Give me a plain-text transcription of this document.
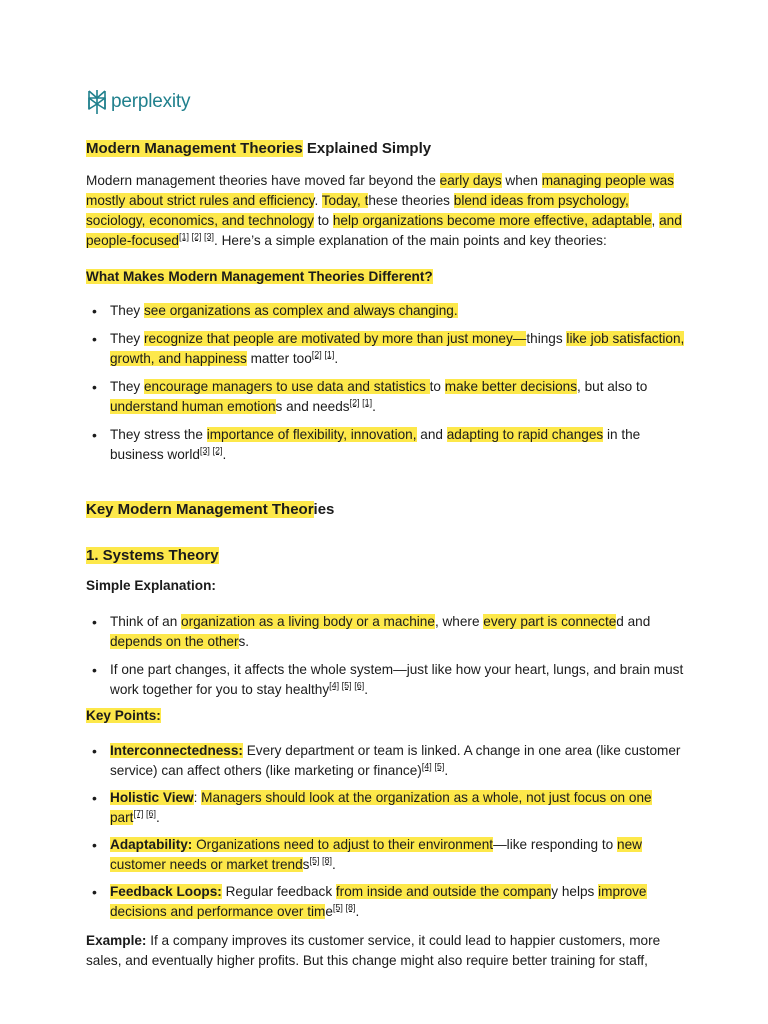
perplexity
Modern Management Theories Explained Simply

Modern management theories have moved far beyond the early days when managing people was mostly about strict rules and efficiency. Today, these theories blend ideas from psychology, sociology, economics, and technology to help organizations become more effective, adaptable, and people-focused[1] [2] [3]. Here’s a simple explanation of the main points and key theories:

What Makes Modern Management Theories Different?
• They see organizations as complex and always changing.
• They recognize that people are motivated by more than just money—things like job satisfaction, growth, and happiness matter too[2] [1].
• They encourage managers to use data and statistics to make better decisions, but also to understand human emotions and needs[2] [1].
• They stress the importance of flexibility, innovation, and adapting to rapid changes in the business world[3] [2].
Key Modern Management Theories
1. Systems Theory
Simple Explanation:
• Think of an organization as a living body or a machine, where every part is connected and depends on the others.
• If one part changes, it affects the whole system—just like how your heart, lungs, and brain must work together for you to stay healthy[4] [5] [6].
Key Points:
• Interconnectedness: Every department or team is linked. A change in one area (like customer service) can affect others (like marketing or finance)[4] [5].
• Holistic View: Managers should look at the organization as a whole, not just focus on one part[7] [6].
• Adaptability: Organizations need to adjust to their environment—like responding to new customer needs or market trends[5] [8].
• Feedback Loops: Regular feedback from inside and outside the company helps improve decisions and performance over time[5] [8].

Example: If a company improves its customer service, it could lead to happier customers, more sales, and eventually higher profits. But this change might also require better training for staff,
